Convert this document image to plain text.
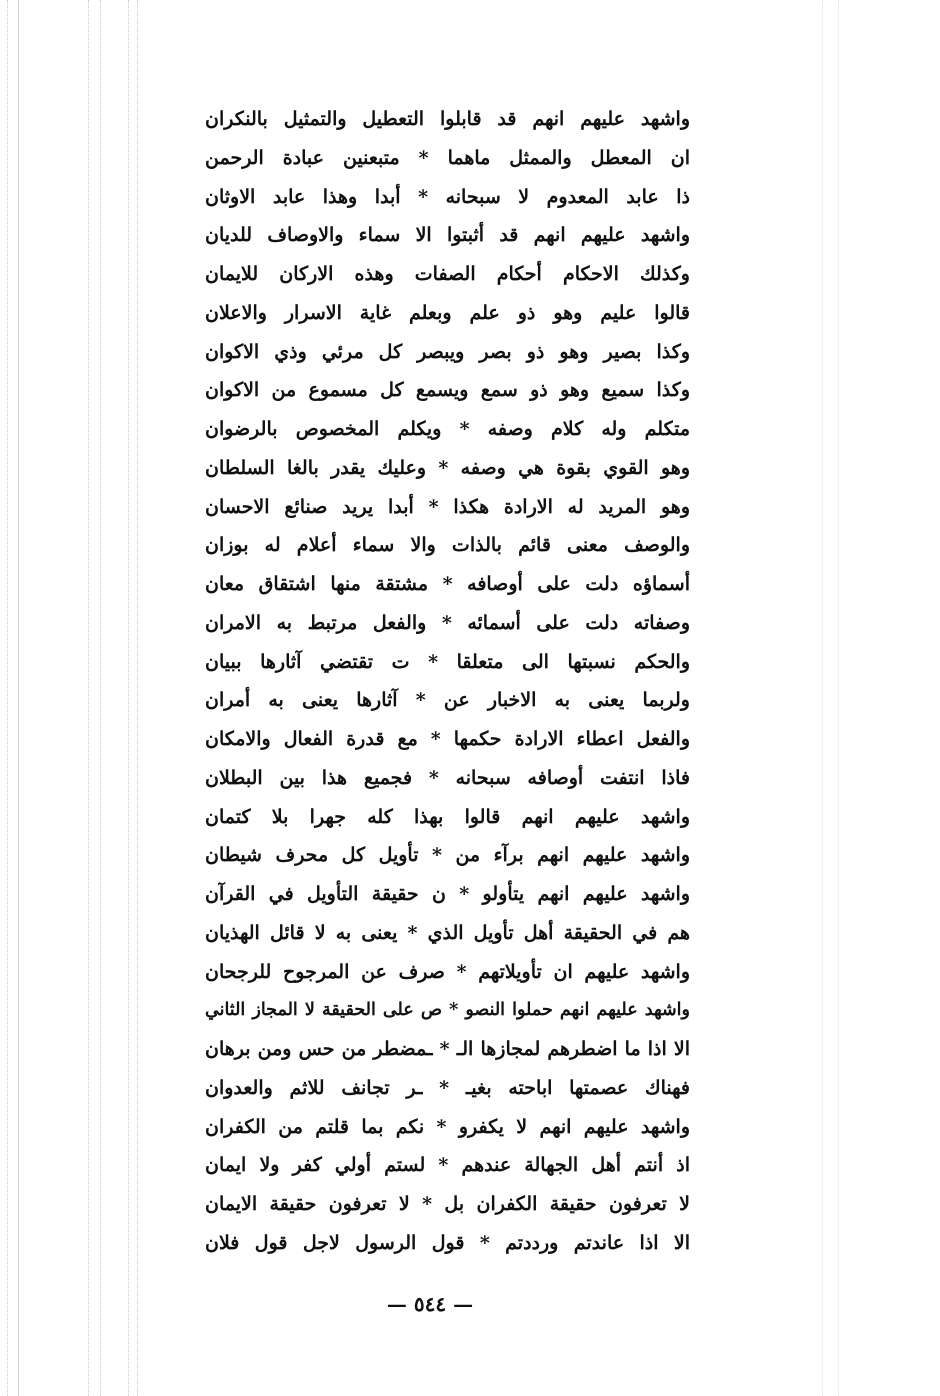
واشهد عليهم انهم قد قابلوا التعطيل والتمثيل بالنكران
ان المعطل والممثل ماهما * متبعنين عبادة الرحمن
ذا عابد المعدوم لا سبحانه * أبدا وهذا عابد الاوثان
واشهد عليهم انهم قد أثبتوا الا سماء والاوصاف للديان
وكذلك الاحكام أحكام الصفات وهذه الاركان للايمان
قالوا عليم وهو ذو علم وبعلم غاية الاسرار والاعلان
وكذا بصير وهو ذو بصر ويبصر كل مرئي وذي الاكوان
وكذا سميع وهو ذو سمع ويسمع كل مسموع من الاكوان
متكلم وله كلام وصفه * ويكلم المخصوص بالرضوان
وهو القوي بقوة هي وصفه * وعليك يقدر بالغا السلطان
وهو المريد له الارادة هكذا * أبدا يريد صنائع الاحسان
والوصف معنى قائم بالذات والا سماء أعلام له بوزان
أسماؤه دلت على أوصافه * مشتقة منها اشتقاق معان
وصفاته دلت على أسمائه * والفعل مرتبط به الامران
والحكم نسبتها الى متعلقا * ت تقتضي آثارها ببيان
ولربما يعنى به الاخبار عن * آثارها يعنى به أمران
والفعل اعطاء الارادة حكمها * مع قدرة الفعال والامكان
فاذا انتفت أوصافه سبحانه * فجميع هذا بين البطلان
واشهد عليهم انهم قالوا بهذا كله جهرا بلا كتمان
واشهد عليهم انهم برآء من * تأويل كل محرف شيطان
واشهد عليهم انهم يتأولو * ن حقيقة التأويل في القرآن
هم في الحقيقة أهل تأويل الذي * يعنى به لا قائل الهذيان
واشهد عليهم ان تأويلاتهم * صرف عن المرجوح للرجحان
واشهد عليهم انهم حملوا النصو * ص على الحقيقة لا المجاز الثاني
الا اذا ما اضطرهم لمجازها الـ * ـمضطر من حس ومن برهان
فهناك عصمتها اباحته بغيـ * ـر تجانف للاثم والعدوان
واشهد عليهم انهم لا يكفرو * نكم بما قلتم من الكفران
اذ أنتم أهل الجهالة عندهم * لستم أولي كفر ولا ايمان
لا تعرفون حقيقة الكفران بل * لا تعرفون حقيقة الايمان
الا اذا عاندتم ورددتم * قول الرسول لاجل قول فلان
— ٥٤٤ —
